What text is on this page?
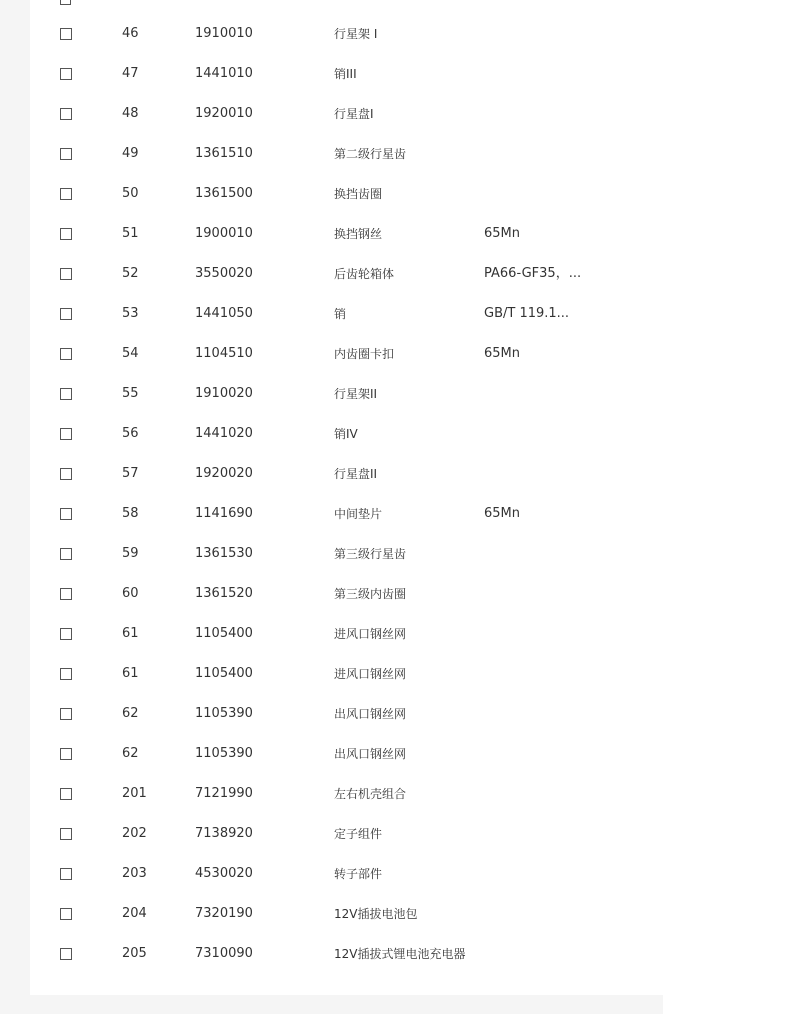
46	1910010	行星架 I
47	1441010	销III
48	1920010	行星盘I
49	1361510	第二级行星齿
50	1361500	换挡齿圈
51	1900010	换挡钢丝	65Mn
52	3550020	后齿轮箱体	PA66-GF35，...
53	1441050	销	GB/T 119.1...
54	1104510	内齿圈卡扣	65Mn
55	1910020	行星架II
56	1441020	销IV
57	1920020	行星盘II
58	1141690	中间垫片	65Mn
59	1361530	第三级行星齿
60	1361520	第三级内齿圈
61	1105400	进风口钢丝网
61	1105400	进风口钢丝网
62	1105390	出风口钢丝网
62	1105390	出风口钢丝网
201	7121990	左右机壳组合
202	7138920	定子组件
203	4530020	转子部件
204	7320190	12V插拔电池包
205	7310090	12V插拔式锂电池充电器
